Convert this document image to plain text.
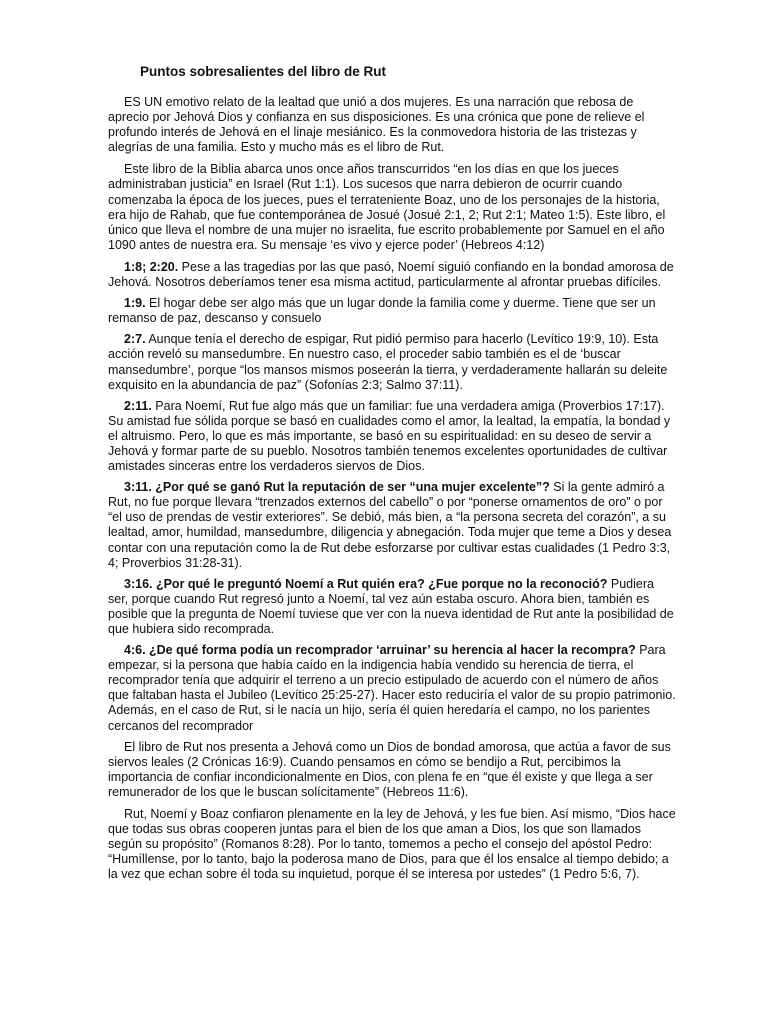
Puntos sobresalientes del libro de Rut

ES UN emotivo relato de la lealtad que unió a dos mujeres. Es una narración que rebosa de aprecio por Jehová Dios y confianza en sus disposiciones. Es una crónica que pone de relieve el profundo interés de Jehová en el linaje mesiánico. Es la conmovedora historia de las tristezas y alegrías de una familia. Esto y mucho más es el libro de Rut.

Este libro de la Biblia abarca unos once años transcurridos “en los días en que los jueces administraban justicia” en Israel (Rut 1:1). Los sucesos que narra debieron de ocurrir cuando comenzaba la época de los jueces, pues el terrateniente Boaz, uno de los personajes de la historia, era hijo de Rahab, que fue contemporánea de Josué (Josué 2:1, 2; Rut 2:1; Mateo 1:5). Este libro, el único que lleva el nombre de una mujer no israelita, fue escrito probablemente por Samuel en el año 1090 antes de nuestra era. Su mensaje ‘es vivo y ejerce poder’ (Hebreos 4:12)

1:8; 2:20. Pese a las tragedias por las que pasó, Noemí siguió confiando en la bondad amorosa de Jehová. Nosotros deberíamos tener esa misma actitud, particularmente al afrontar pruebas difíciles.

1:9. El hogar debe ser algo más que un lugar donde la familia come y duerme. Tiene que ser un remanso de paz, descanso y consuelo

2:7. Aunque tenía el derecho de espigar, Rut pidió permiso para hacerlo (Levítico 19:9, 10). Esta acción reveló su mansedumbre. En nuestro caso, el proceder sabio también es el de ‘buscar mansedumbre’, porque “los mansos mismos poseerán la tierra, y verdaderamente hallarán su deleite exquisito en la abundancia de paz” (Sofonías 2:3; Salmo 37:11).

2:11. Para Noemí, Rut fue algo más que un familiar: fue una verdadera amiga (Proverbios 17:17). Su amistad fue sólida porque se basó en cualidades como el amor, la lealtad, la empatía, la bondad y el altruismo. Pero, lo que es más importante, se basó en su espiritualidad: en su deseo de servir a Jehová y formar parte de su pueblo. Nosotros también tenemos excelentes oportunidades de cultivar amistades sinceras entre los verdaderos siervos de Dios.

3:11. ¿Por qué se ganó Rut la reputación de ser “una mujer excelente”? Si la gente admiró a Rut, no fue porque llevara “trenzados externos del cabello” o por “ponerse ornamentos de oro” o por “el uso de prendas de vestir exteriores”. Se debió, más bien, a “la persona secreta del corazón”, a su lealtad, amor, humildad, mansedumbre, diligencia y abnegación. Toda mujer que teme a Dios y desea contar con una reputación como la de Rut debe esforzarse por cultivar estas cualidades (1 Pedro 3:3, 4; Proverbios 31:28-31).

3:16. ¿Por qué le preguntó Noemí a Rut quién era? ¿Fue porque no la reconoció? Pudiera ser, porque cuando Rut regresó junto a Noemí, tal vez aún estaba oscuro. Ahora bien, también es posible que la pregunta de Noemí tuviese que ver con la nueva identidad de Rut ante la posibilidad de que hubiera sido recomprada.

4:6. ¿De qué forma podía un recomprador ‘arruinar’ su herencia al hacer la recompra? Para empezar, si la persona que había caído en la indigencia había vendido su herencia de tierra, el recomprador tenía que adquirir el terreno a un precio estipulado de acuerdo con el número de años que faltaban hasta el Jubileo (Levítico 25:25-27). Hacer esto reduciría el valor de su propio patrimonio. Además, en el caso de Rut, si le nacía un hijo, sería él quien heredaría el campo, no los parientes cercanos del recomprador

El libro de Rut nos presenta a Jehová como un Dios de bondad amorosa, que actúa a favor de sus siervos leales (2 Crónicas 16:9). Cuando pensamos en cómo se bendijo a Rut, percibimos la importancia de confiar incondicionalmente en Dios, con plena fe en “que él existe y que llega a ser remunerador de los que le buscan solícitamente” (Hebreos 11:6).

Rut, Noemí y Boaz confiaron plenamente en la ley de Jehová, y les fue bien. Así mismo, “Dios hace que todas sus obras cooperen juntas para el bien de los que aman a Dios, los que son llamados según su propósito” (Romanos 8:28). Por lo tanto, tomemos a pecho el consejo del apóstol Pedro: “Humíllense, por lo tanto, bajo la poderosa mano de Dios, para que él los ensalce al tiempo debido; a la vez que echan sobre él toda su inquietud, porque él se interesa por ustedes” (1 Pedro 5:6, 7).
